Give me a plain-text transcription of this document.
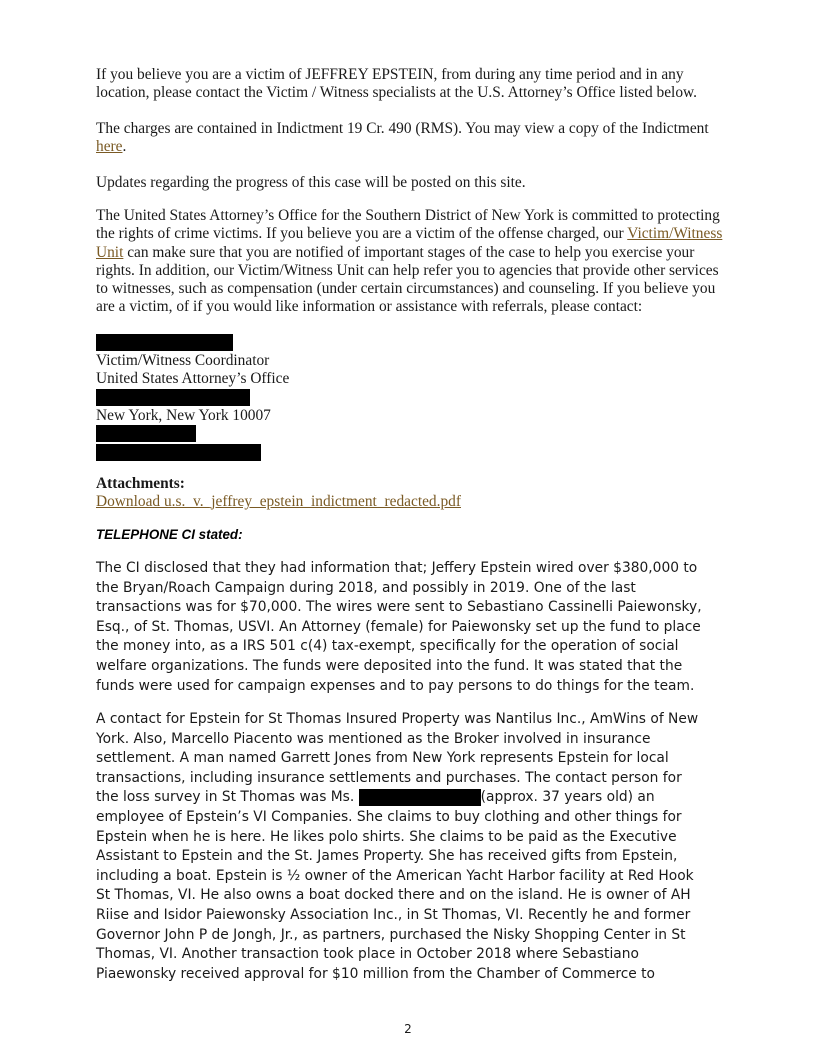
If you believe you are a victim of JEFFREY EPSTEIN, from during any time period and in any
location, please contact the Victim / Witness specialists at the U.S. Attorney’s Office listed below.

The charges are contained in Indictment 19 Cr. 490 (RMS). You may view a copy of the Indictment
here.

Updates regarding the progress of this case will be posted on this site.

The United States Attorney’s Office for the Southern District of New York is committed to protecting
the rights of crime victims. If you believe you are a victim of the offense charged, our Victim/Witness
Unit can make sure that you are notified of important stages of the case to help you exercise your
rights. In addition, our Victim/Witness Unit can help refer you to agencies that provide other services
to witnesses, such as compensation (under certain circumstances) and counseling. If you believe you
are a victim, of if you would like information or assistance with referrals, please contact:

Victim/Witness Coordinator
United States Attorney’s Office

New York, New York 10007

Attachments:
Download u.s._v._jeffrey_epstein_indictment_redacted.pdf

TELEPHONE CI stated:

The CI disclosed that they had information that; Jeffery Epstein wired over $380,000 to
the Bryan/Roach Campaign during 2018, and possibly in 2019. One of the last
transactions was for $70,000. The wires were sent to Sebastiano Cassinelli Paiewonsky,
Esq., of St. Thomas, USVI. An Attorney (female) for Paiewonsky set up the fund to place
the money into, as a IRS 501 c(4) tax-exempt, specifically for the operation of social
welfare organizations. The funds were deposited into the fund. It was stated that the
funds were used for campaign expenses and to pay persons to do things for the team.

A contact for Epstein for St Thomas Insured Property was Nantilus Inc., AmWins of New
York. Also, Marcello Piacento was mentioned as the Broker involved in insurance
settlement. A man named Garrett Jones from New York represents Epstein for local
transactions, including insurance settlements and purchases. The contact person for
the loss survey in St Thomas was Ms.	(approx. 37 years old) an
employee of Epstein’s VI Companies. She claims to buy clothing and other things for
Epstein when he is here. He likes polo shirts. She claims to be paid as the Executive
Assistant to Epstein and the St. James Property. She has received gifts from Epstein,
including a boat. Epstein is ½ owner of the American Yacht Harbor facility at Red Hook
St Thomas, VI. He also owns a boat docked there and on the island. He is owner of AH
Riise and Isidor Paiewonsky Association Inc., in St Thomas, VI. Recently he and former
Governor John P de Jongh, Jr., as partners, purchased the Nisky Shopping Center in St
Thomas, VI. Another transaction took place in October 2018 where Sebastiano
Piaewonsky received approval for $10 million from the Chamber of Commerce to

2
